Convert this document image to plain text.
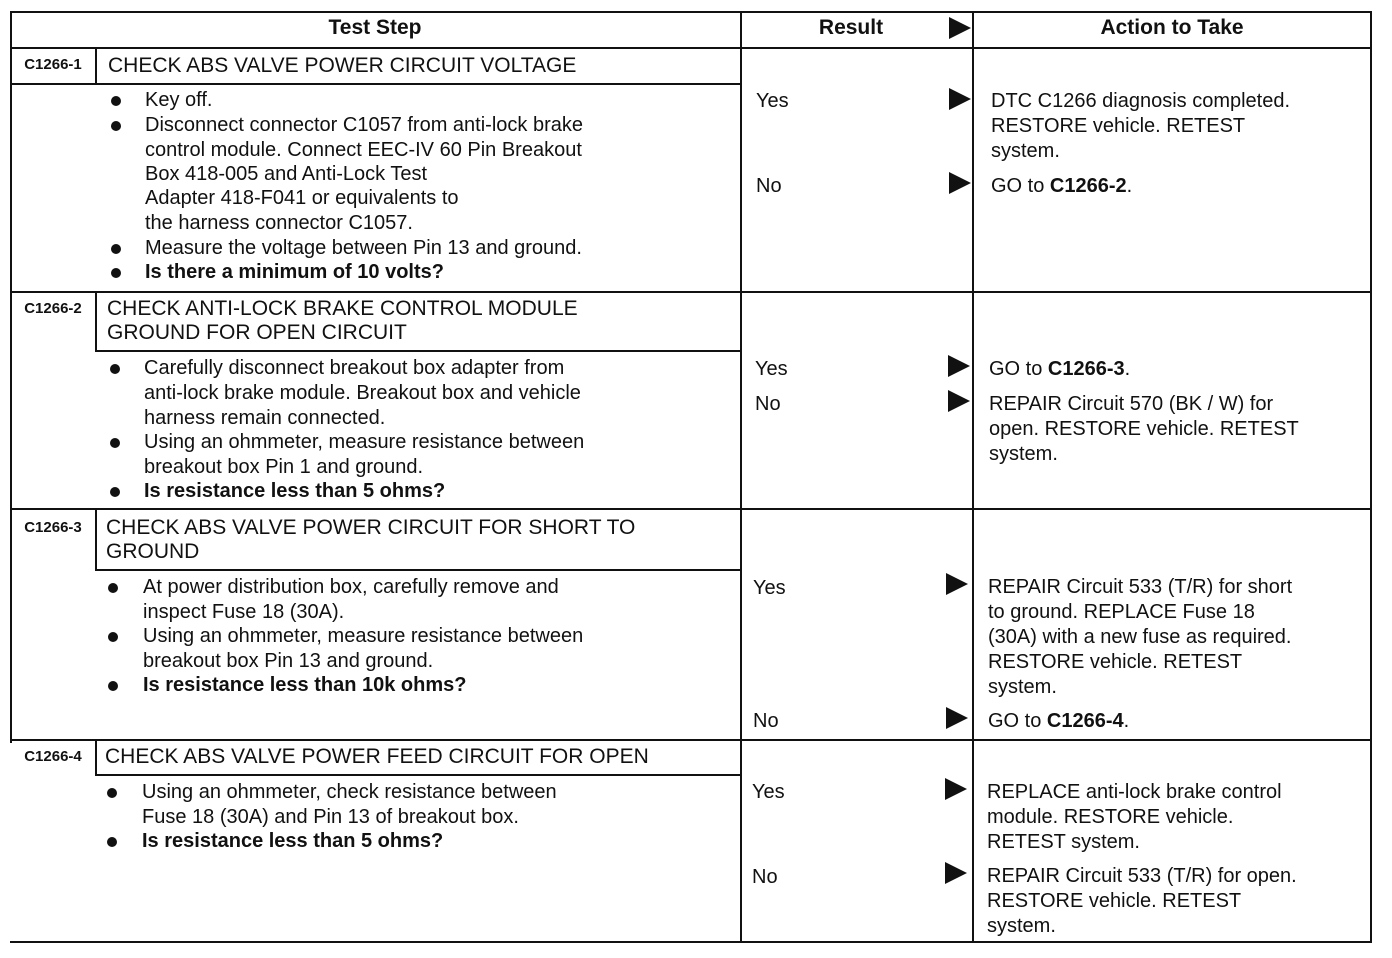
Test Step	Result	Action to Take
C1266-1	CHECK ABS VALVE POWER CIRCUIT VOLTAGE
Key off.
Disconnect connector C1057 from anti-lock brake
control module. Connect EEC-IV 60 Pin Breakout
Box 418-005 and Anti-Lock Test
Adapter 418-F041 or equivalents to
the harness connector C1057.
Measure the voltage between Pin 13 and ground.
Is there a minimum of 10 volts?
Yes	DTC C1266 diagnosis completed.
RESTORE vehicle. RETEST
system.
No	GO to C1266-2.
C1266-2	CHECK ANTI-LOCK BRAKE CONTROL MODULE
GROUND FOR OPEN CIRCUIT
Carefully disconnect breakout box adapter from
anti-lock brake module. Breakout box and vehicle
harness remain connected.
Using an ohmmeter, measure resistance between
breakout box Pin 1 and ground.
Is resistance less than 5 ohms?
Yes	GO to C1266-3.
No	REPAIR Circuit 570 (BK / W) for
open. RESTORE vehicle. RETEST
system.
C1266-3	CHECK ABS VALVE POWER CIRCUIT FOR SHORT TO
GROUND
At power distribution box, carefully remove and
inspect Fuse 18 (30A).
Using an ohmmeter, measure resistance between
breakout box Pin 13 and ground.
Is resistance less than 10k ohms?
Yes	REPAIR Circuit 533 (T/R) for short
to ground. REPLACE Fuse 18
(30A) with a new fuse as required.
RESTORE vehicle. RETEST
system.
No	GO to C1266-4.
C1266-4	CHECK ABS VALVE POWER FEED CIRCUIT FOR OPEN
Using an ohmmeter, check resistance between
Fuse 18 (30A) and Pin 13 of breakout box.
Is resistance less than 5 ohms?
Yes	REPLACE anti-lock brake control
module. RESTORE vehicle.
RETEST system.
No	REPAIR Circuit 533 (T/R) for open.
RESTORE vehicle. RETEST
system.
